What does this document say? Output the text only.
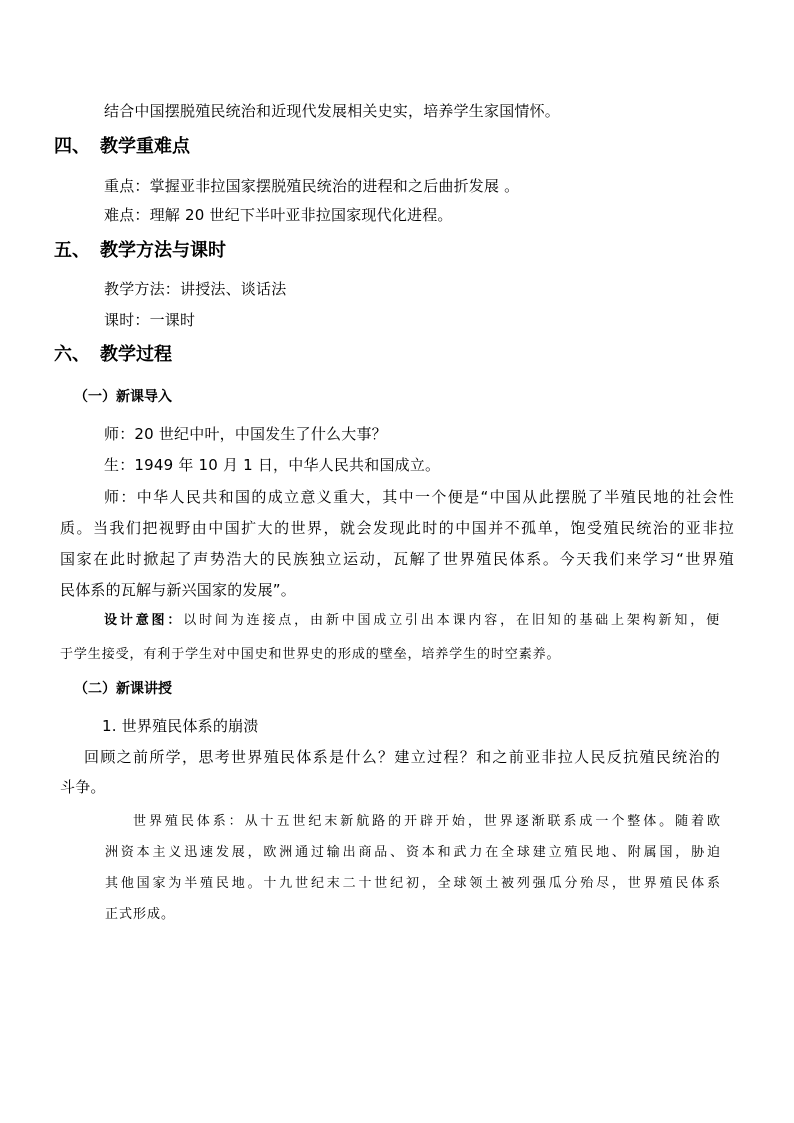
结合中国摆脱殖民统治和近现代发展相关史实，培养学生家国情怀。
四、 教学重难点
重点：掌握亚非拉国家摆脱殖民统治的进程和之后曲折发展 。
难点：理解 20 世纪下半叶亚非拉国家现代化进程。
五、 教学方法与课时
教学方法：讲授法、谈话法
课时：一课时
六、 教学过程
（一）新课导入
师：20 世纪中叶，中国发生了什么大事？
生：1949 年 10 月 1 日，中华人民共和国成立。
师：中华人民共和国的成立意义重大，其中一个便是“中国从此摆脱了半殖民地的社会性
质。当我们把视野由中国扩大的世界，就会发现此时的中国并不孤单，饱受殖民统治的亚非拉
国家在此时掀起了声势浩大的民族独立运动，瓦解了世界殖民体系。今天我们来学习“世界殖
民体系的瓦解与新兴国家的发展”。
设计意图：以时间为连接点，由新中国成立引出本课内容，在旧知的基础上架构新知，便
于学生接受，有利于学生对中国史和世界史的形成的壁垒，培养学生的时空素养。
（二）新课讲授
1. 世界殖民体系的崩溃
回顾之前所学，思考世界殖民体系是什么？建立过程？和之前亚非拉人民反抗殖民统治的
斗争。
世界殖民体系：从十五世纪末新航路的开辟开始，世界逐渐联系成一个整体。随着欧
洲资本主义迅速发展，欧洲通过输出商品、资本和武力在全球建立殖民地、附属国，胁迫
其他国家为半殖民地。十九世纪末二十世纪初，全球领土被列强瓜分殆尽，世界殖民体系
正式形成。
